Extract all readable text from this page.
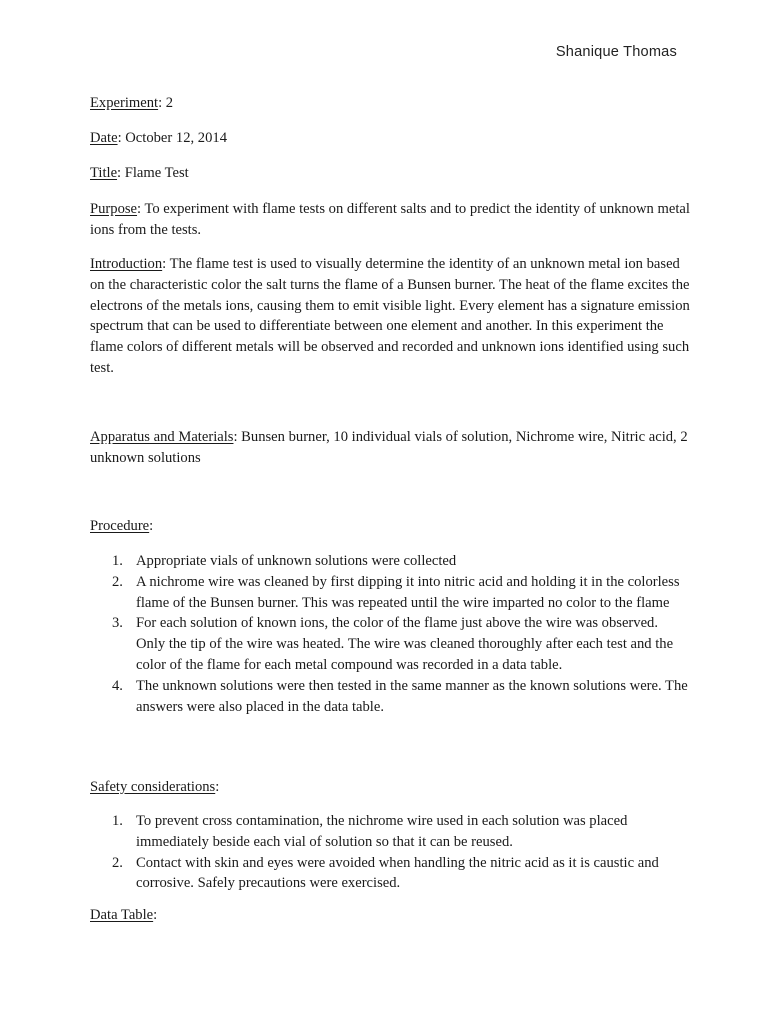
Shanique Thomas
Experiment: 2
Date: October 12, 2014
Title: Flame Test
Purpose: To experiment with flame tests on different salts and to predict the identity of unknown metal ions from the tests.
Introduction: The flame test is used to visually determine the identity of an unknown metal ion based on the characteristic color the salt turns the flame of a Bunsen burner. The heat of the flame excites the electrons of the metals ions, causing them to emit visible light. Every element has a signature emission spectrum that can be used to differentiate between one element and another. In this experiment the flame colors of different metals will be observed and recorded and unknown ions identified using such test.
Apparatus and Materials: Bunsen burner, 10 individual vials of solution, Nichrome wire, Nitric acid, 2 unknown solutions
Procedure:
1. Appropriate vials of unknown solutions were collected
2. A nichrome wire was cleaned by first dipping it into nitric acid and holding it in the colorless flame of the Bunsen burner. This was repeated until the wire imparted no color to the flame
3. For each solution of known ions, the color of the flame just above the wire was observed. Only the tip of the wire was heated. The wire was cleaned thoroughly after each test and the color of the flame for each metal compound was recorded in a data table.
4. The unknown solutions were then tested in the same manner as the known solutions were. The answers were also placed in the data table.
Safety considerations:
1. To prevent cross contamination, the nichrome wire used in each solution was placed immediately beside each vial of solution so that it can be reused.
2. Contact with skin and eyes were avoided when handling the nitric acid as it is caustic and corrosive. Safely precautions were exercised.
Data Table:
